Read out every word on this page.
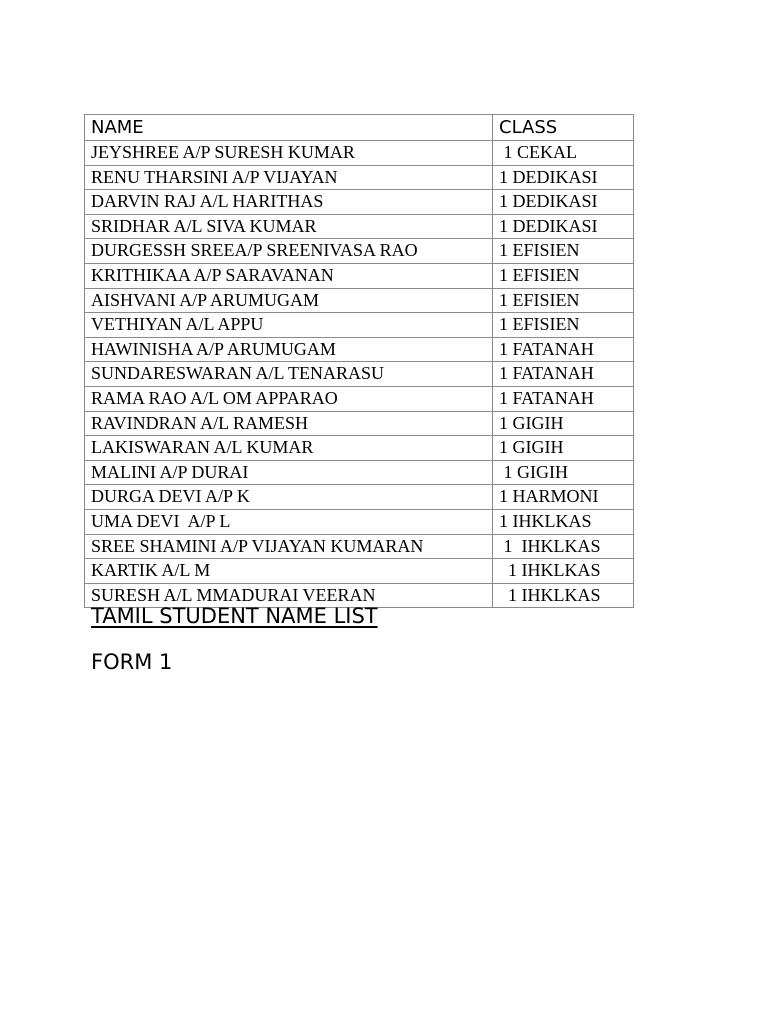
NAME	CLASS
JEYSHREE A/P SURESH KUMAR	1 CEKAL
RENU THARSINI A/P VIJAYAN	1 DEDIKASI
DARVIN RAJ A/L HARITHAS	1 DEDIKASI
SRIDHAR A/L SIVA KUMAR	1 DEDIKASI
DURGESSH SREEA/P SREENIVASA RAO	1 EFISIEN
KRITHIKAA A/P SARAVANAN	1 EFISIEN
AISHVANI A/P ARUMUGAM	1 EFISIEN
VETHIYAN A/L APPU	1 EFISIEN
HAWINISHA A/P ARUMUGAM	1 FATANAH
SUNDARESWARAN A/L TENARASU	1 FATANAH
RAMA RAO A/L OM APPARAO	1 FATANAH
RAVINDRAN A/L RAMESH	1 GIGIH
LAKISWARAN A/L KUMAR	1 GIGIH
MALINI A/P DURAI	1 GIGIH
DURGA DEVI A/P K	1 HARMONI
UMA DEVI  A/P L	1 IHKLKAS
SREE SHAMINI A/P VIJAYAN KUMARAN	1  IHKLKAS
KARTIK A/L M	1 IHKLKAS
SURESH A/L MMADURAI VEERAN	1 IHKLKAS
TAMIL STUDENT NAME LIST
FORM 1
